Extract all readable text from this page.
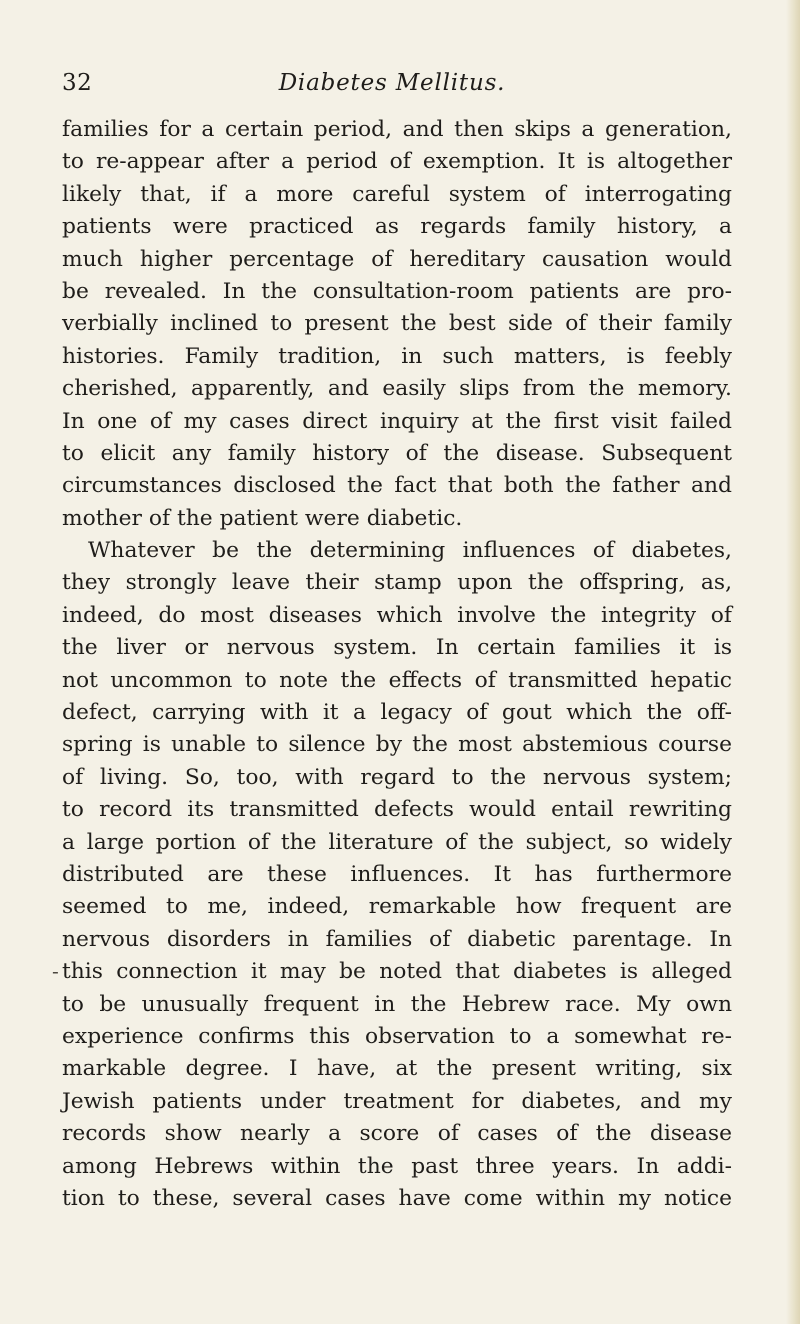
32	Diabetes Mellitus.
-
families for a certain period, and then skips a generation,
to re-appear after a period of exemption. It is altogether
likely that, if a more careful system of interrogating
patients were practiced as regards family history, a
much higher percentage of hereditary causation would
be revealed. In the consultation-room patients are pro-
verbially inclined to present the best side of their family
histories. Family tradition, in such matters, is feebly
cherished, apparently, and easily slips from the memory.
In one of my cases direct inquiry at the first visit failed
to elicit any family history of the disease. Subsequent
circumstances disclosed the fact that both the father and
mother of the patient were diabetic.
Whatever be the determining influences of diabetes,
they strongly leave their stamp upon the offspring, as,
indeed, do most diseases which involve the integrity of
the liver or nervous system. In certain families it is
not uncommon to note the effects of transmitted hepatic
defect, carrying with it a legacy of gout which the off-
spring is unable to silence by the most abstemious course
of living. So, too, with regard to the nervous system;
to record its transmitted defects would entail rewriting
a large portion of the literature of the subject, so widely
distributed are these influences. It has furthermore
seemed to me, indeed, remarkable how frequent are
nervous disorders in families of diabetic parentage. In
this connection it may be noted that diabetes is alleged
to be unusually frequent in the Hebrew race. My own
experience confirms this observation to a somewhat re-
markable degree. I have, at the present writing, six
Jewish patients under treatment for diabetes, and my
records show nearly a score of cases of the disease
among Hebrews within the past three years. In addi-
tion to these, several cases have come within my notice
